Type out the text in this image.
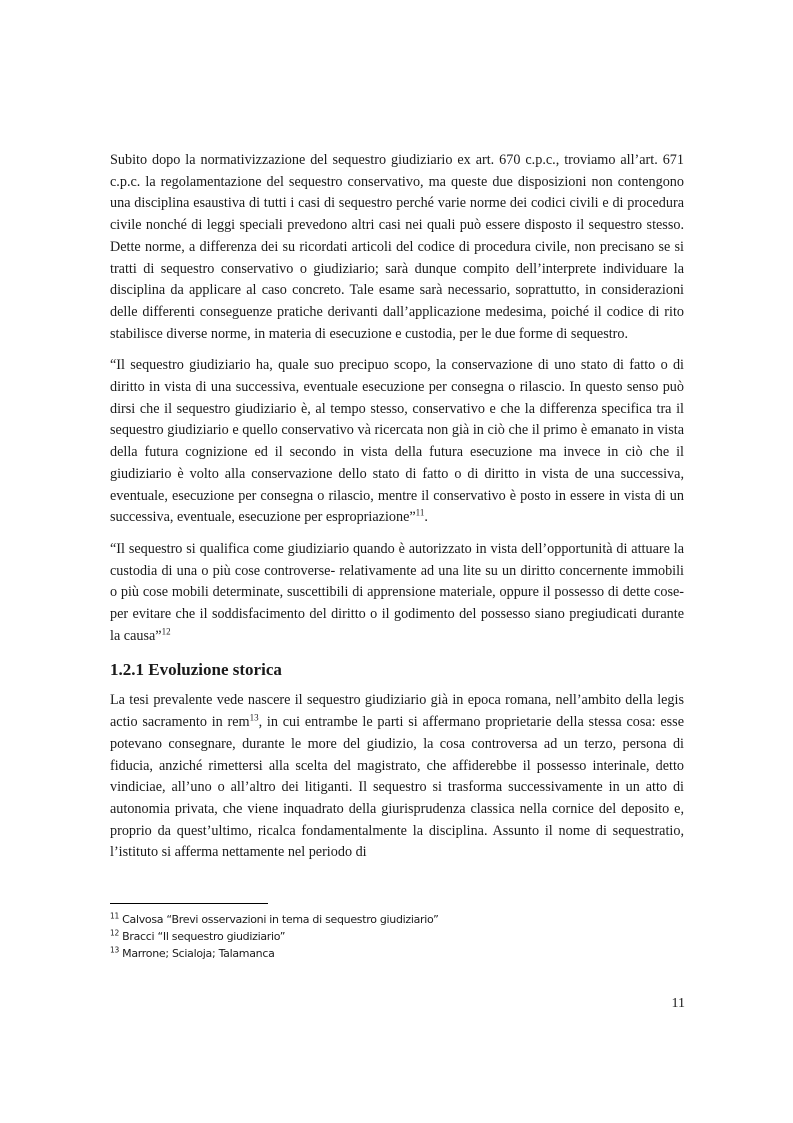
Subito dopo la normativizzazione del sequestro giudiziario ex art. 670 c.p.c., troviamo all’art. 671 c.p.c. la regolamentazione del sequestro conservativo, ma queste due disposizioni non contengono una disciplina esaustiva di tutti i casi di sequestro perché varie norme dei codici civili e di procedura civile nonché di leggi speciali prevedono altri casi nei quali può essere disposto il sequestro stesso. Dette norme, a differenza dei su ricordati articoli del codice di procedura civile, non precisano se si tratti di sequestro conservativo o giudiziario; sarà dunque compito dell’interprete individuare la disciplina da applicare al caso concreto. Tale esame sarà necessario, soprattutto, in considerazioni delle differenti conseguenze pratiche derivanti dall’applicazione medesima, poiché il codice di rito stabilisce diverse norme, in materia di esecuzione e custodia, per le due forme di sequestro.

“Il sequestro giudiziario ha, quale suo precipuo scopo, la conservazione di uno stato di fatto o di diritto in vista di una successiva, eventuale esecuzione per consegna o rilascio. In questo senso può dirsi che il sequestro giudiziario è, al tempo stesso, conservativo e che la differenza specifica tra il sequestro giudiziario e quello conservativo và ricercata non già in ciò che il primo è emanato in vista della futura cognizione ed il secondo in vista della futura esecuzione ma invece in ciò che il giudiziario è volto alla conservazione dello stato di fatto o di diritto in vista de una successiva, eventuale, esecuzione per consegna o rilascio, mentre il conservativo è posto in essere in vista di un successiva, eventuale, esecuzione per espropriazione”$^{11}$.

“Il sequestro si qualifica come giudiziario quando è autorizzato in vista dell’opportunità di attuare la custodia di una o più cose controverse- relativamente ad una lite su un diritto concernente immobili o più cose mobili determinate, suscettibili di apprensione materiale, oppure il possesso di dette cose- per evitare che il soddisfacimento del diritto o il godimento del possesso siano pregiudicati durante la causa”$^{12}$

1.2.1 Evoluzione storica

La tesi prevalente vede nascere il sequestro giudiziario già in epoca romana, nell’ambito della legis actio sacramento in rem$^{13}$, in cui entrambe le parti si affermano proprietarie della stessa cosa: esse potevano consegnare, durante le more del giudizio, la cosa controversa ad un terzo, persona di fiducia, anziché rimettersi alla scelta del magistrato, che affiderebbe il possesso interinale, detto vindiciae, all’uno o all’altro dei litiganti. Il sequestro si trasforma successivamente in un atto di autonomia privata, che viene inquadrato della giurisprudenza classica nella cornice del deposito e, proprio da quest’ultimo, ricalca fondamentalmente la disciplina. Assunto il nome di sequestratio, l’istituto si afferma nettamente nel periodo di

$^{11}$ Calvosa “Brevi osservazioni in tema di sequestro giudiziario”
$^{12}$ Bracci “Il sequestro giudiziario”
$^{13}$ Marrone; Scialoja; Talamanca
11
